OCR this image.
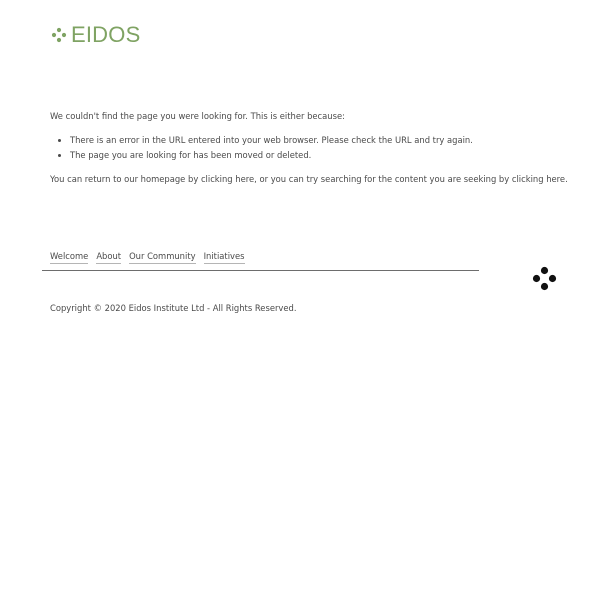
EIDOS

We couldn't find the page you were looking for. This is either because:

• There is an error in the URL entered into your web browser. Please check the URL and try again.
• The page you are looking for has been moved or deleted.

You can return to our homepage by clicking here, or you can try searching for the content you are seeking by clicking here.

Welcome About Our Community Initiatives
Copyright © 2020 Eidos Institute Ltd - All Rights Reserved.
